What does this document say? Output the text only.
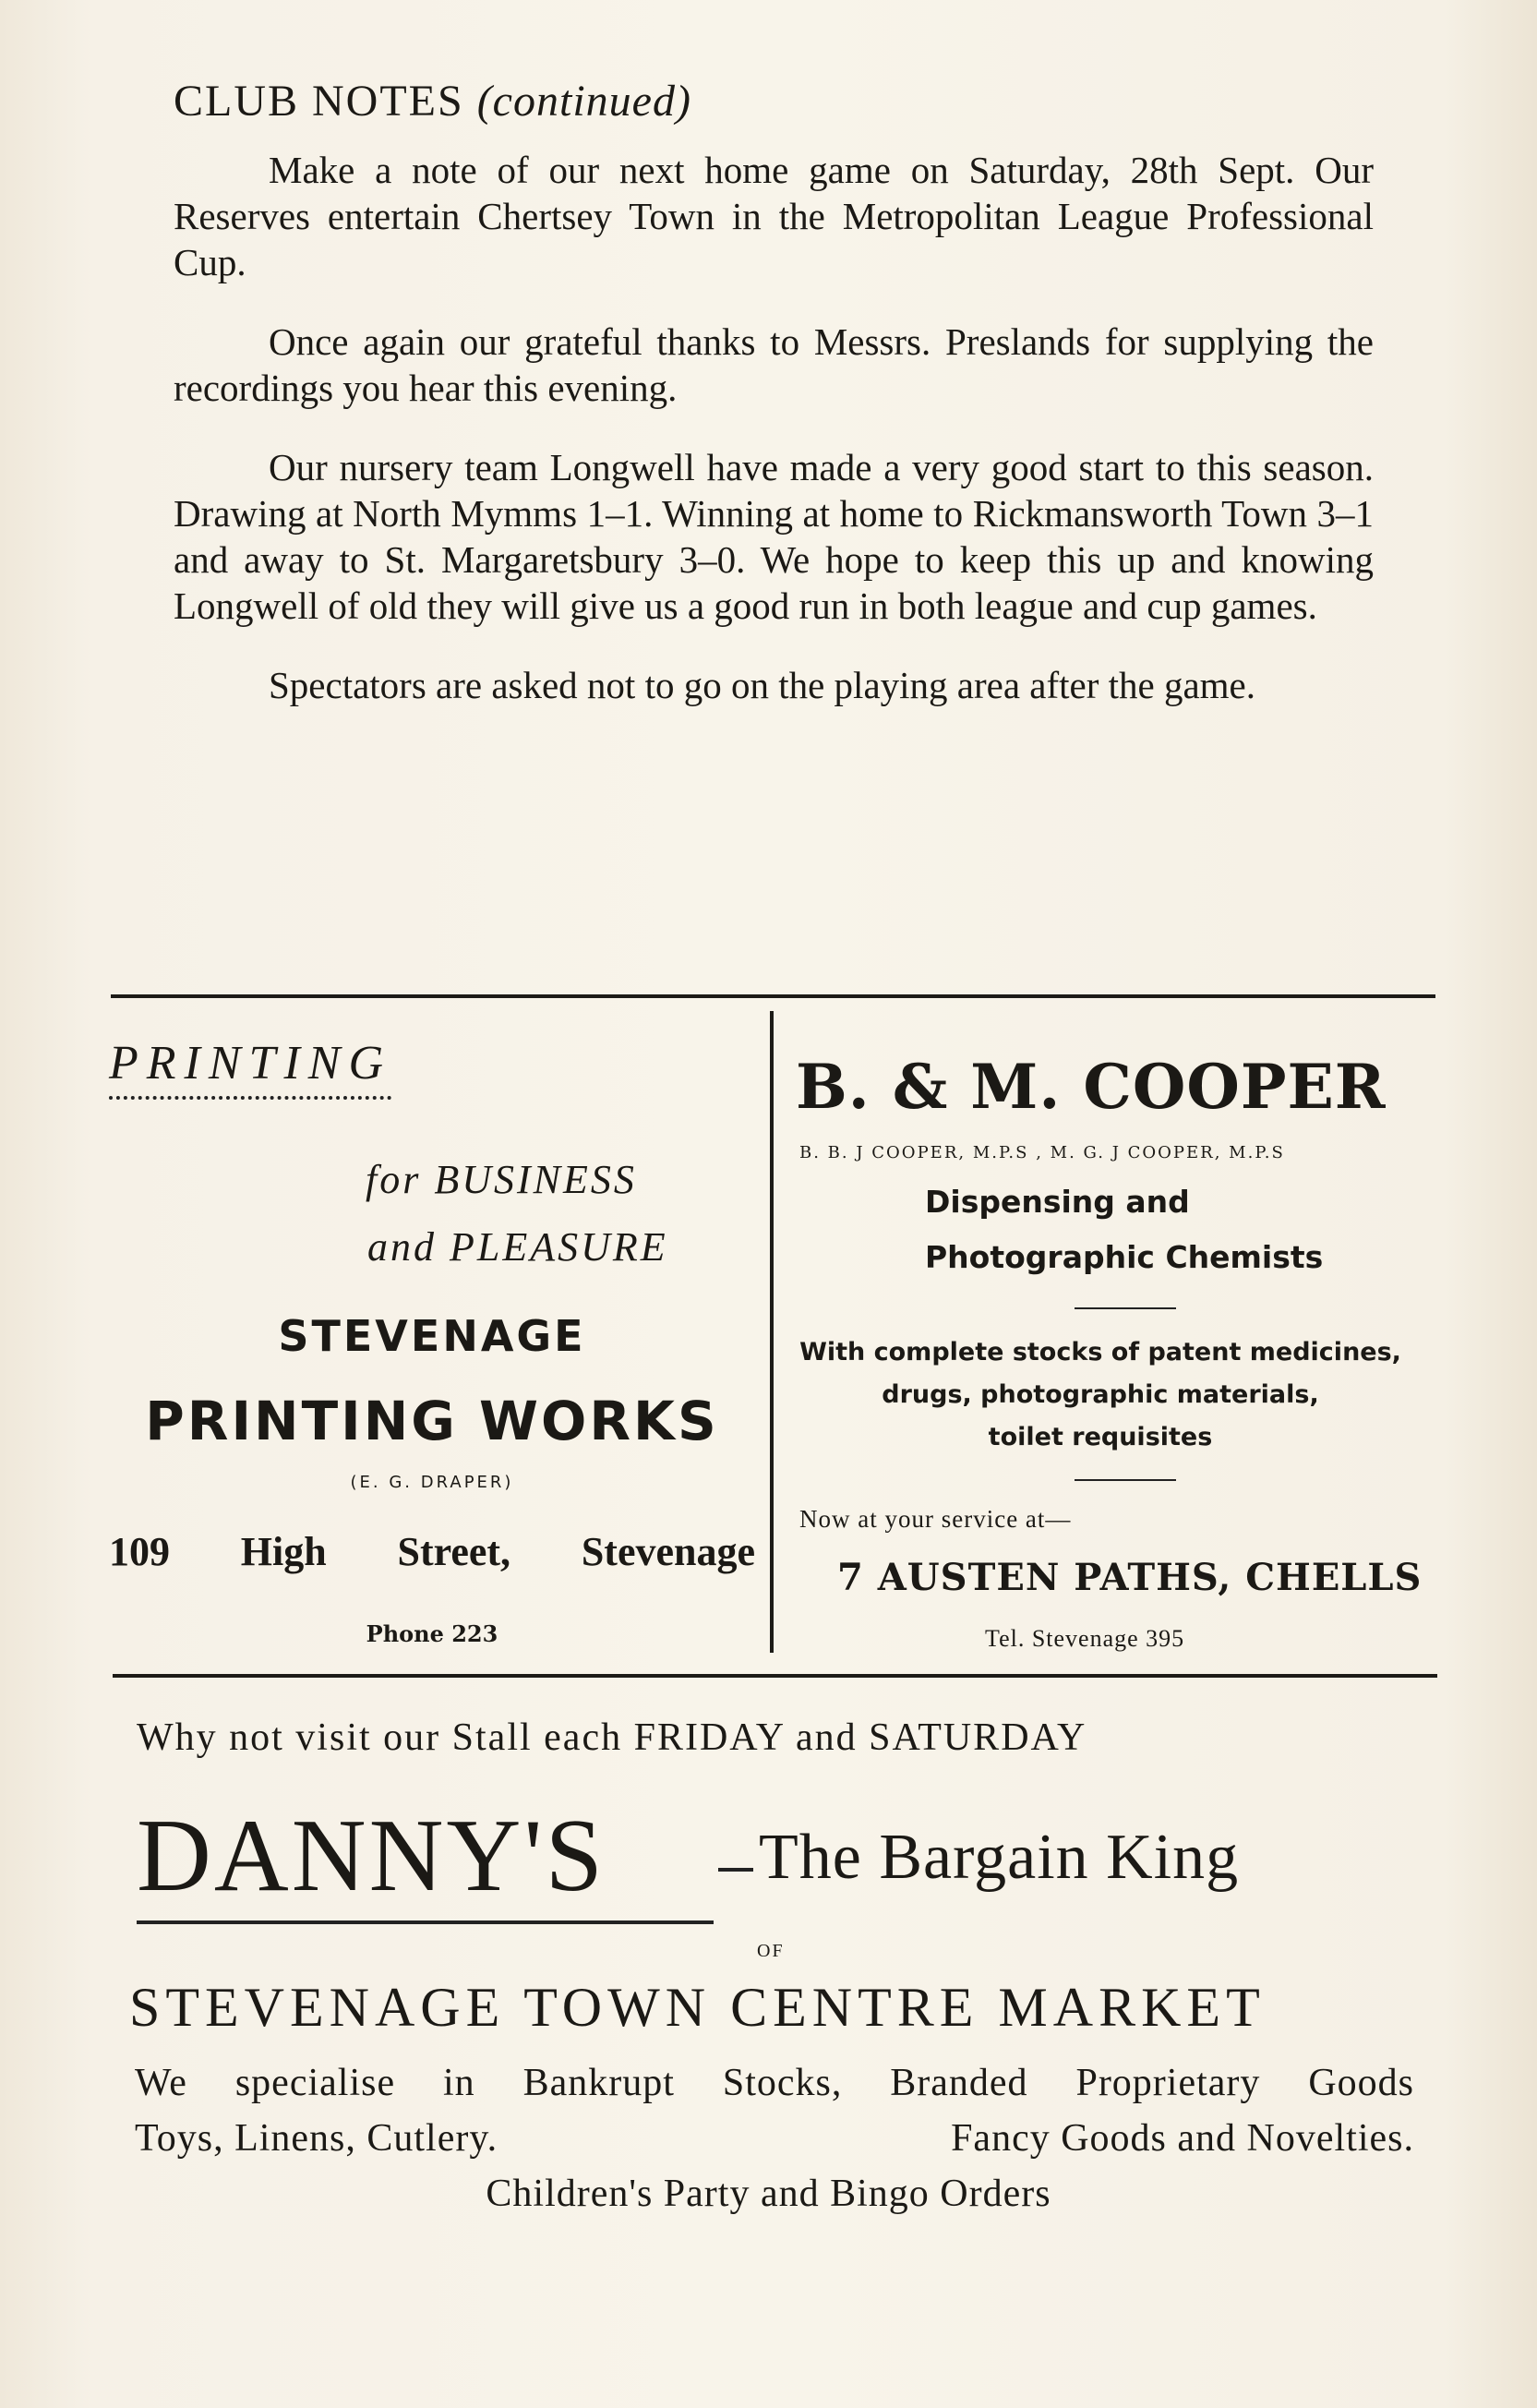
CLUB NOTES (continued)

Make a note of our next home game on Saturday, 28th Sept. Our Reserves entertain Chertsey Town in the Metropolitan League Professional Cup.

Once again our grateful thanks to Messrs. Preslands for supplying the recordings you hear this evening.

Our nursery team Longwell have made a very good start to this season. Drawing at North Mymms 1–1. Winning at home to Rickmansworth Town 3–1 and away to St. Margaretsbury 3–0. We hope to keep this up and knowing Longwell of old they will give us a good run in both league and cup games.

Spectators are asked not to go on the playing area after the game.

PRINTING
for BUSINESS
and PLEASURE
STEVENAGE
PRINTING WORKS
(E. G. DRAPER)
109 High Street, Stevenage
Phone 223
B. & M. COOPER
B. B. J COOPER, M.P.S , M. G. J COOPER, M.P.S
Dispensing and
Photographic Chemists
With complete stocks of patent medicines,
drugs, photographic materials,
toilet requisites
Now at your service at—
7 AUSTEN PATHS, CHELLS
Tel. Stevenage 395
Why not visit our Stall each FRIDAY and SATURDAY
DANNY'S The Bargain King
OF
STEVENAGE TOWN CENTRE MARKET
We specialise in Bankrupt Stocks, Branded Proprietary Goods
Toys, Linens, Cutlery.	Fancy Goods and Novelties.
Children's Party and Bingo Orders
